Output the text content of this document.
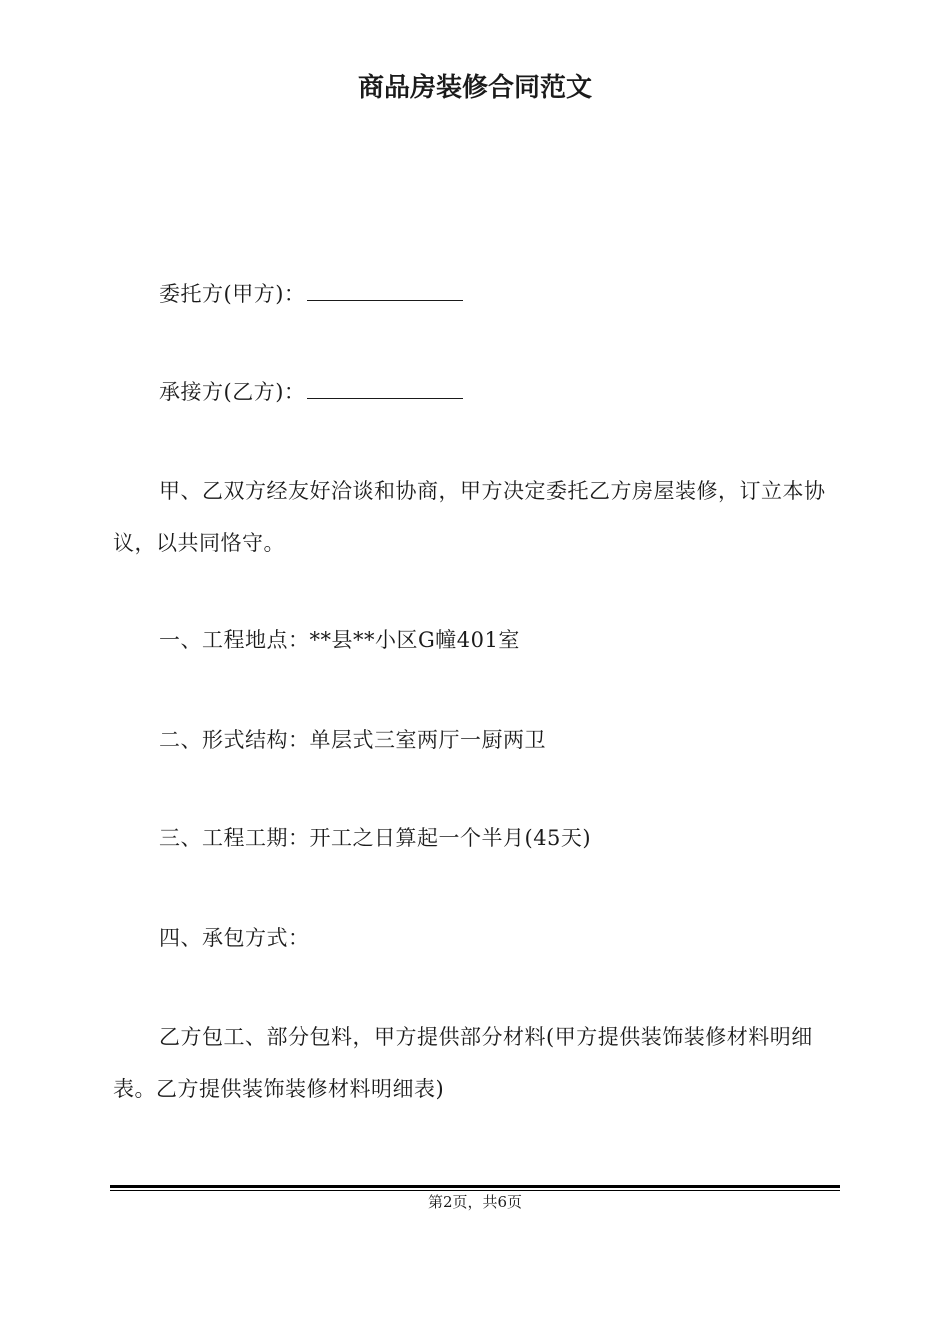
商品房装修合同范文

委托方(甲方)：

承接方(乙方)：

甲、乙双方经友好洽谈和协商，甲方决定委托乙方房屋装修，订立本协议，以共同恪守。

一、工程地点：**县**小区G幢401室

二、形式结构：单层式三室两厅一厨两卫

三、工程工期：开工之日算起一个半月(45天)

四、承包方式：

乙方包工、部分包料，甲方提供部分材料(甲方提供装饰装修材料明细表。乙方提供装饰装修材料明细表)

第2页，共6页
